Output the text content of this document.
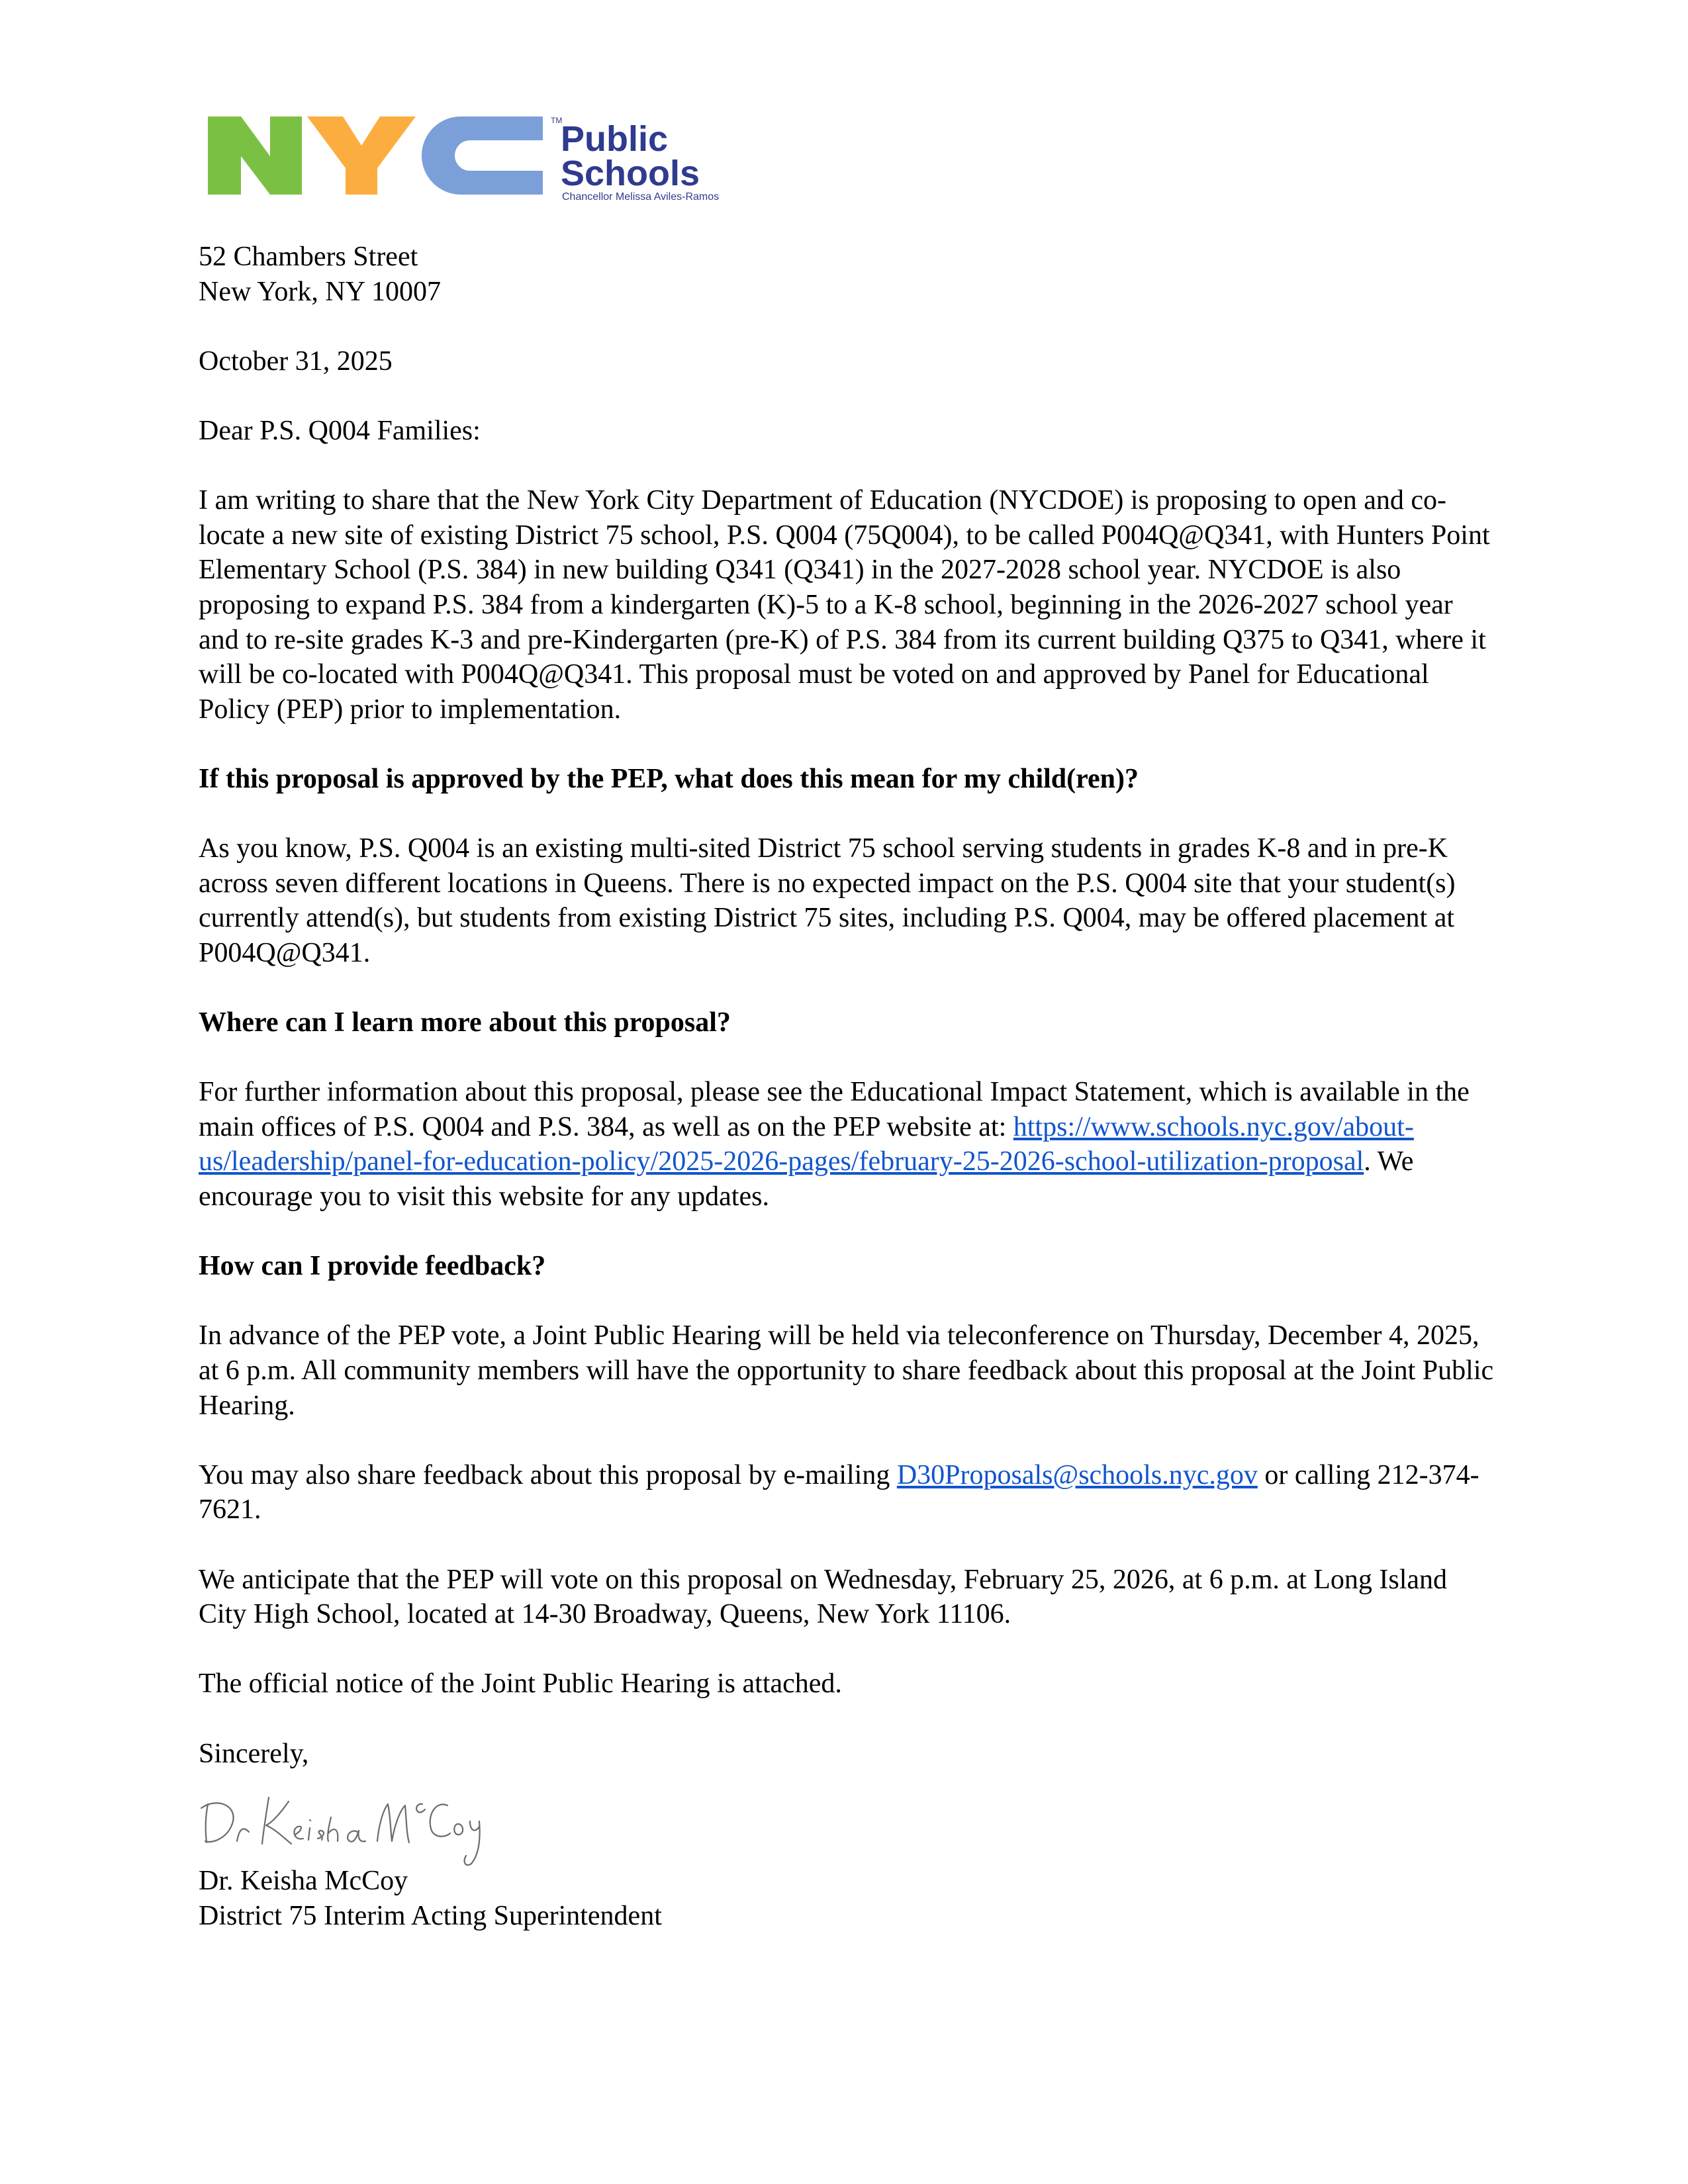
TM
Public
Schools
Chancellor Melissa Aviles-Ramos

52 Chambers Street

New York, NY 10007

October 31, 2025

Dear P.S. Q004 Families:

I am writing to share that the New York City Department of Education (NYCDOE) is proposing to open and co-locate a new site of existing District 75 school, P.S. Q004 (75Q004), to be called P004Q@Q341, with Hunters Point Elementary School (P.S. 384) in new building Q341 (Q341) in the 2027-2028 school year. NYCDOE is also proposing to expand P.S. 384 from a kindergarten (K)-5 to a K-8 school, beginning in the 2026-2027 school year and to re-site grades K-3 and pre-Kindergarten (pre-K) of P.S. 384 from its current building Q375 to Q341, where it will be co-located with P004Q@Q341. This proposal must be voted on and approved by Panel for Educational Policy (PEP) prior to implementation.

If this proposal is approved by the PEP, what does this mean for my child(ren)?

As you know, P.S. Q004 is an existing multi-sited District 75 school serving students in grades K-8 and in pre-K across seven different locations in Queens. There is no expected impact on the P.S. Q004 site that your student(s) currently attend(s), but students from existing District 75 sites, including P.S. Q004, may be offered placement at P004Q@Q341.

Where can I learn more about this proposal?

For further information about this proposal, please see the Educational Impact Statement, which is available in the main offices of P.S. Q004 and P.S. 384, as well as on the PEP website at: https://www.schools.nyc.gov/about-us/leadership/panel-for-education-policy/2025-2026-pages/february-25-2026-school-utilization-proposal. We encourage you to visit this website for any updates.

How can I provide feedback?

In advance of the PEP vote, a Joint Public Hearing will be held via teleconference on Thursday, December 4, 2025, at 6 p.m. All community members will have the opportunity to share feedback about this proposal at the Joint Public Hearing.

You may also share feedback about this proposal by e-mailing D30Proposals@schools.nyc.gov or calling 212-374-7621.

We anticipate that the PEP will vote on this proposal on Wednesday, February 25, 2026, at 6 p.m. at Long Island City High School, located at 14-30 Broadway, Queens, New York 11106.

The official notice of the Joint Public Hearing is attached.

Sincerely,

Dr. Keisha McCoy

District 75 Interim Acting Superintendent
